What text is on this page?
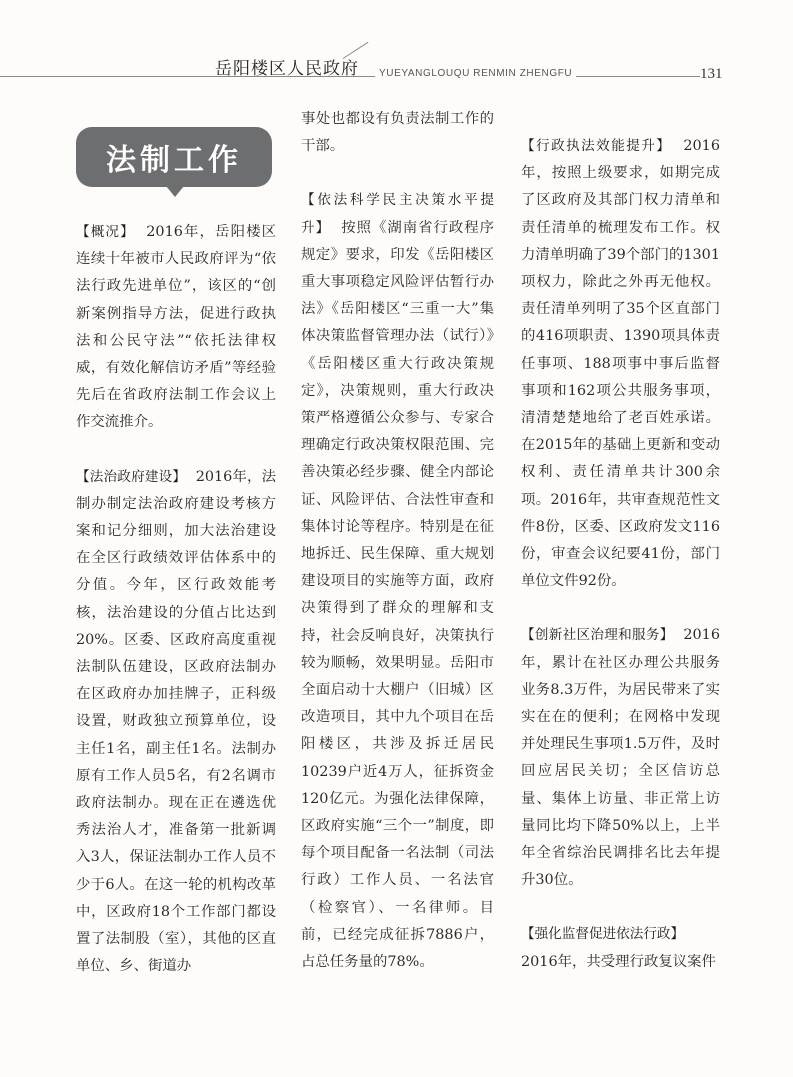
岳阳楼区人民政府	YUEYANGLOUQU RENMIN ZHENGFU	131
法制工作

【概况】 2016年，岳阳楼区连续十年被市人民政府评为“依法行政先进单位”，该区的“创新案例指导方法，促进行政执法和公民守法”“依托法律权威，有效化解信访矛盾”等经验先后在省政府法制工作会议上作交流推介。

【法治政府建设】 2016年，法制办制定法治政府建设考核方案和记分细则，加大法治建设在全区行政绩效评估体系中的分值。今年，区行政效能考核，法治建设的分值占比达到20%。区委、区政府高度重视法制队伍建设，区政府法制办在区政府办加挂牌子，正科级设置，财政独立预算单位，设主任1名，副主任1名。法制办原有工作人员5名，有2名调市政府法制办。现在正在遴选优秀法治人才，准备第一批新调入3人，保证法制办工作人员不少于6人。在这一轮的机构改革中，区政府18个工作部门都设置了法制股（室），其他的区直单位、乡、街道办

事处也都设有负责法制工作的干部。

【依法科学民主决策水平提升】 按照《湖南省行政程序规定》要求，印发《岳阳楼区重大事项稳定风险评估暂行办法》《岳阳楼区“三重一大”集体决策监督管理办法（试行）》《岳阳楼区重大行政决策规定》，决策规则，重大行政决策严格遵循公众参与、专家合理确定行政决策权限范围、完善决策必经步骤、健全内部论证、风险评估、合法性审查和集体讨论等程序。特别是在征地拆迁、民生保障、重大规划建设项目的实施等方面，政府决策得到了群众的理解和支持，社会反响良好，决策执行较为顺畅，效果明显。岳阳市全面启动十大棚户（旧城）区改造项目，其中九个项目在岳阳楼区，共涉及拆迁居民10239户近4万人，征拆资金120亿元。为强化法律保障，区政府实施“三个一”制度，即每个项目配备一名法制（司法行政）工作人员、一名法官（检察官）、一名律师。目前，已经完成征拆7886户，占总任务量的78%。

【行政执法效能提升】 2016年，按照上级要求，如期完成了区政府及其部门权力清单和责任清单的梳理发布工作。权力清单明确了39个部门的1301项权力，除此之外再无他权。责任清单列明了35个区直部门的416项职责、1390项具体责任事项、188项事中事后监督事项和162项公共服务事项，清清楚楚地给了老百姓承诺。在2015年的基础上更新和变动权利、责任清单共计300余项。2016年，共审查规范性文件8份，区委、区政府发文116份，审查会议纪要41份，部门单位文件92份。

【创新社区治理和服务】 2016年，累计在社区办理公共服务业务8.3万件，为居民带来了实实在在的便利；在网格中发现并处理民生事项1.5万件，及时回应居民关切；全区信访总量、集体上访量、非正常上访量同比均下降50%以上，上半年全省综治民调排名比去年提升30位。

【强化监督促进依法行政】
2016年，共受理行政复议案件
